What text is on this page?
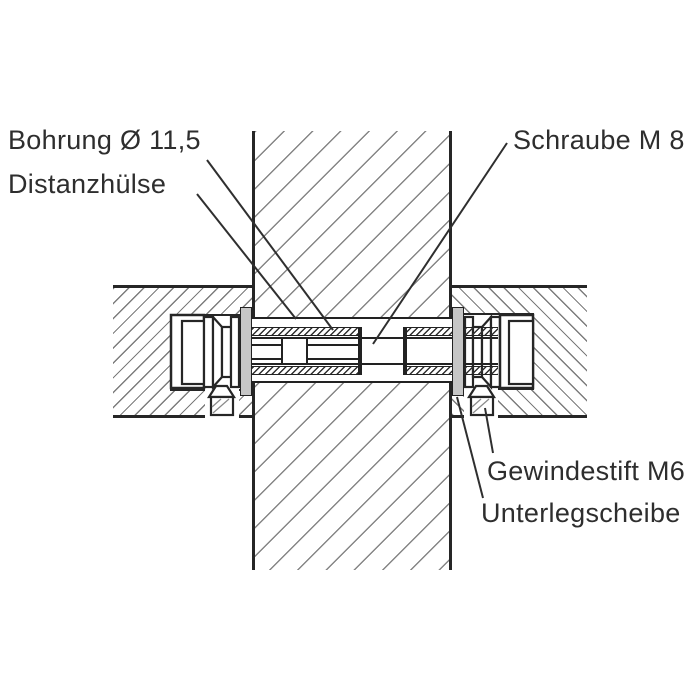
Bohrung Ø 11,5
Distanzhülse
Schraube M 8
Gewindestift M6
Unterlegscheibe
